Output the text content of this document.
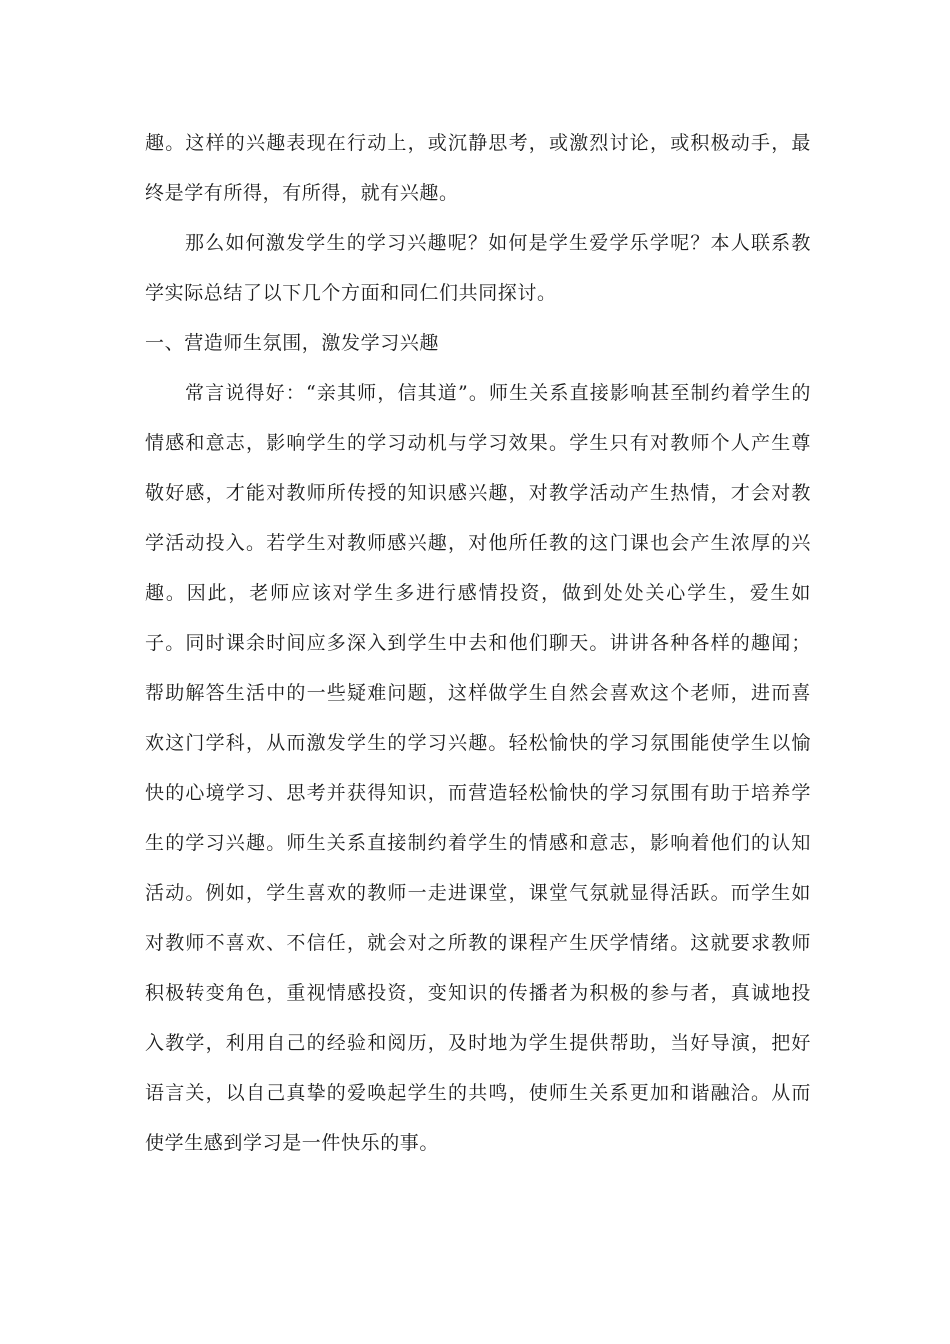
趣。这样的兴趣表现在行动上，或沉静思考，或激烈讨论，或积极动手，最终是学有所得，有所得，就有兴趣。

那么如何激发学生的学习兴趣呢？如何是学生爱学乐学呢？本人联系教学实际总结了以下几个方面和同仁们共同探讨。

一、营造师生氛围，激发学习兴趣

常言说得好：“亲其师，信其道”。师生关系直接影响甚至制约着学生的情感和意志，影响学生的学习动机与学习效果。学生只有对教师个人产生尊敬好感，才能对教师所传授的知识感兴趣，对教学活动产生热情，才会对教学活动投入。若学生对教师感兴趣，对他所任教的这门课也会产生浓厚的兴趣。因此，老师应该对学生多进行感情投资，做到处处关心学生，爱生如子。同时课余时间应多深入到学生中去和他们聊天。讲讲各种各样的趣闻；帮助解答生活中的一些疑难问题，这样做学生自然会喜欢这个老师，进而喜欢这门学科，从而激发学生的学习兴趣。轻松愉快的学习氛围能使学生以愉快的心境学习、思考并获得知识，而营造轻松愉快的学习氛围有助于培养学生的学习兴趣。师生关系直接制约着学生的情感和意志，影响着他们的认知活动。例如，学生喜欢的教师一走进课堂，课堂气氛就显得活跃。而学生如对教师不喜欢、不信任，就会对之所教的课程产生厌学情绪。这就要求教师积极转变角色，重视情感投资，变知识的传播者为积极的参与者，真诚地投入教学，利用自己的经验和阅历，及时地为学生提供帮助，当好导演，把好语言关，以自己真挚的爱唤起学生的共鸣，使师生关系更加和谐融洽。从而使学生感到学习是一件快乐的事。
